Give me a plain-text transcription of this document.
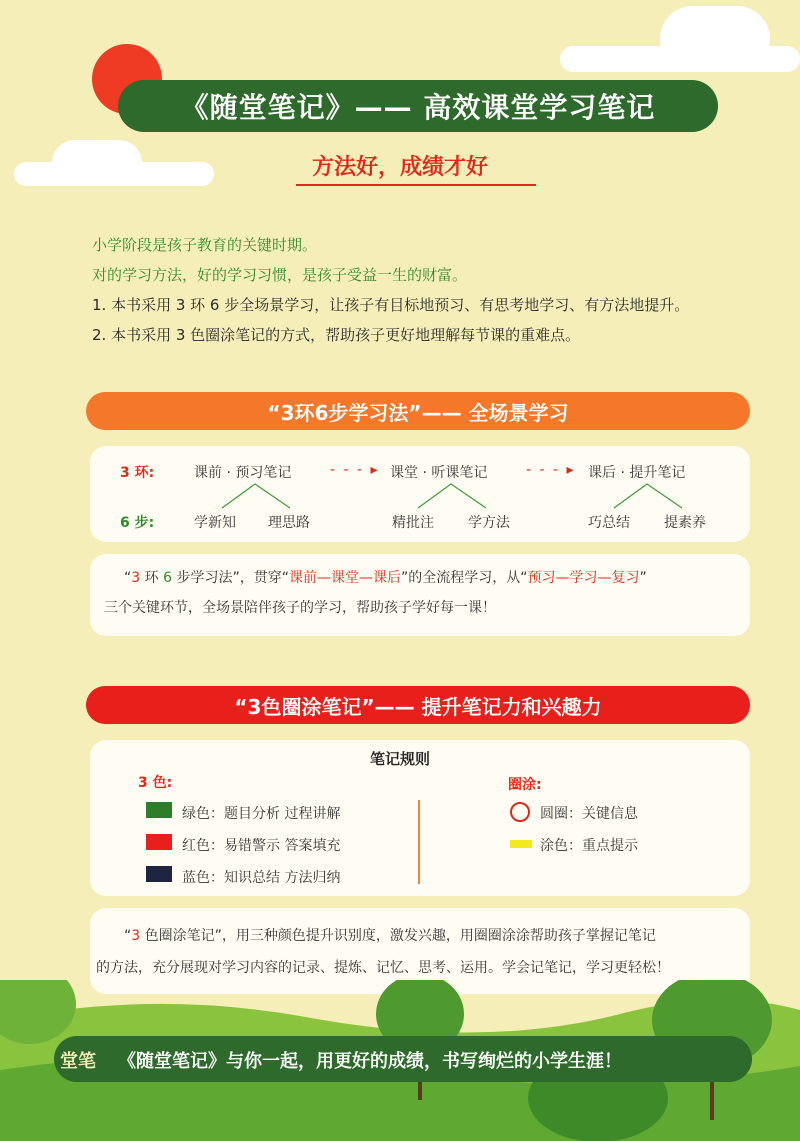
《随堂笔记》—— 高效课堂学习笔记
方法好，成绩才好
小学阶段是孩子教育的关键时期。
对的学习方法，好的学习习惯，是孩子受益一生的财富。
1. 本书采用 3 环 6 步全场景学习，让孩子有目标地预习、有思考地学习、有方法地提升。
2. 本书采用 3 色圈涂笔记的方式，帮助孩子更好地理解每节课的重难点。
“3环6步学习法”—— 全场景学习
3 环:	课前 · 预习笔记	- - - ▸ 课堂 · 听课笔记	- - - ▸ 课后 · 提升笔记
6 步:	学新知 理思路	精批注 学方法	巧总结 提素养
“3 环 6 步学习法”，贯穿“课前—课堂—课后”的全流程学习，从“预习—学习—复习”
三个关键环节，全场景陪伴孩子的学习，帮助孩子学好每一课！
“3色圈涂笔记”—— 提升笔记力和兴趣力
笔记规则
3 色:
绿色：题目分析 过程讲解
红色：易错警示 答案填充
蓝色：知识总结 方法归纳
圈涂:
圆圈：关键信息
涂色：重点提示
“3 色圈涂笔记”，用三种颜色提升识别度，激发兴趣，用圈圈涂涂帮助孩子掌握记笔记
的方法，充分展现对学习内容的记录、提炼、记忆、思考、运用。学会记笔记，学习更轻松！
堂笔 《随堂笔记》与你一起，用更好的成绩，书写绚烂的小学生涯！
